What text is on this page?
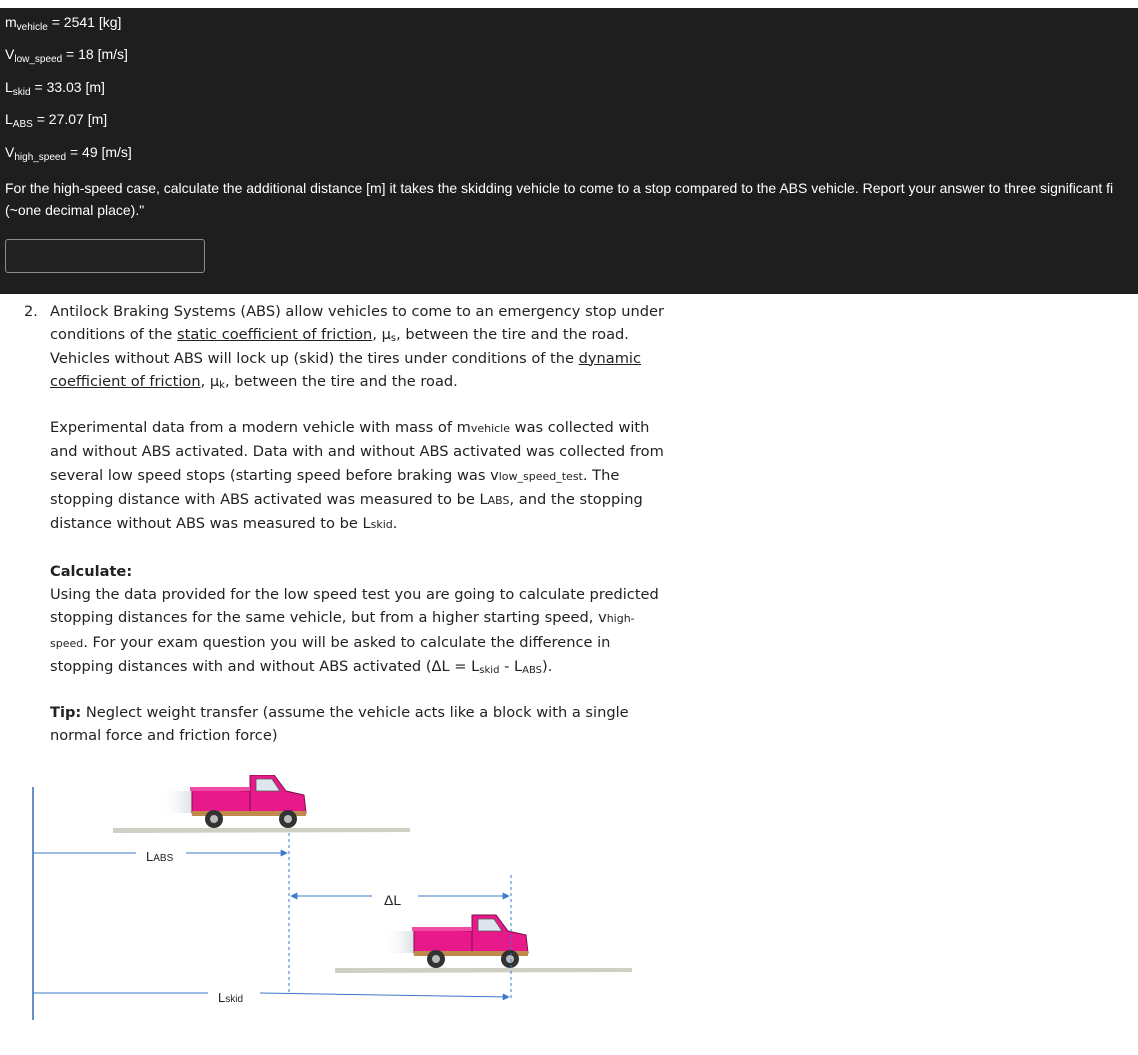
$m_{vehicle} = 2541$ [kg]
$V_{low\_speed} = 18$ [m/s]
$L_{skid} = 33.03$ [m]
$L_{ABS} = 27.07$ [m]
$V_{high\_speed} = 49$ [m/s]
For the high-speed case, calculate the additional distance [m] it takes the skidding vehicle to come to a stop compared to the ABS vehicle. Report your answer to three significant fi
(~one decimal place)."
2. Antilock Braking Systems (ABS) allow vehicles to come to an emergency stop under conditions of the static coefficient of friction, $\mu_s$, between the tire and the road. Vehicles without ABS will lock up (skid) the tires under conditions of the dynamic coefficient of friction, $\mu_k$, between the tire and the road.

Experimental data from a modern vehicle with mass of mvehicle was collected with and without ABS activated. Data with and without ABS activated was collected from several low speed stops (starting speed before braking was vlow_speed_test. The stopping distance with ABS activated was measured to be LABS, and the stopping distance without ABS was measured to be Lskid.

Calculate:

Using the data provided for the low speed test you are going to calculate predicted stopping distances for the same vehicle, but from a higher starting speed, vhigh-speed. For your exam question you will be asked to calculate the difference in stopping distances with and without ABS activated $(\Delta L = L_{skid} - L_{ABS})$.

Tip: Neglect weight transfer (assume the vehicle acts like a block with a single normal force and friction force)

LABS
ΔL
Lskid
